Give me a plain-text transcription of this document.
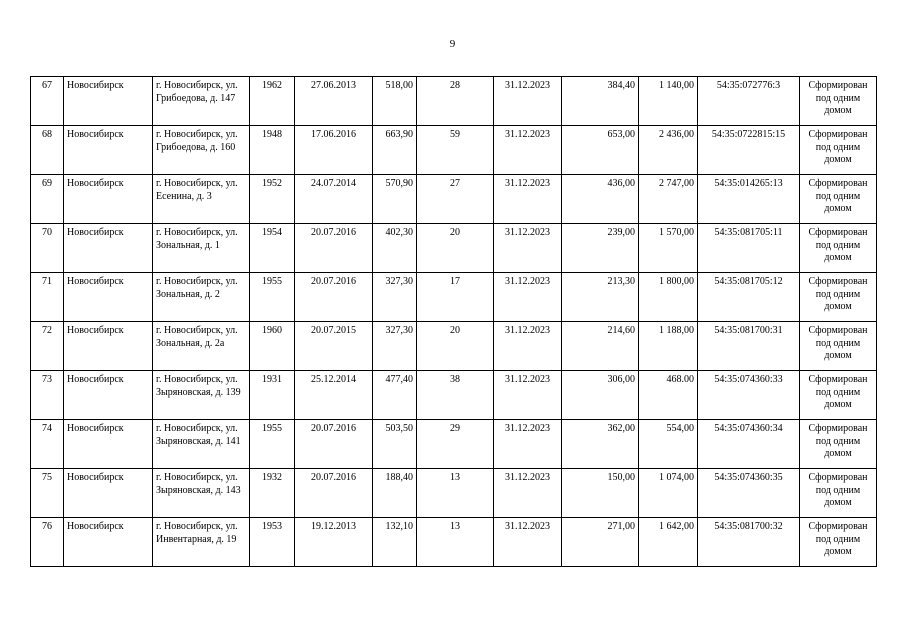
9
67	Новосибирск	г. Новосибирск, ул. Грибоедова, д. 147	1962	27.06.2013	518,00	28	31.12.2023	384,40	1 140,00	54:35:072776:3	Сформирован под одним домом
68	Новосибирск	г. Новосибирск, ул. Грибоедова, д. 160	1948	17.06.2016	663,90	59	31.12.2023	653,00	2 436,00	54:35:0722815:15	Сформирован под одним домом
69	Новосибирск	г. Новосибирск, ул. Есенина, д. 3	1952	24.07.2014	570,90	27	31.12.2023	436,00	2 747,00	54:35:014265:13	Сформирован под одним домом
70	Новосибирск	г. Новосибирск, ул. Зональная, д. 1	1954	20.07.2016	402,30	20	31.12.2023	239,00	1 570,00	54:35:081705:11	Сформирован под одним домом
71	Новосибирск	г. Новосибирск, ул. Зональная, д. 2	1955	20.07.2016	327,30	17	31.12.2023	213,30	1 800,00	54:35:081705:12	Сформирован под одним домом
72	Новосибирск	г. Новосибирск, ул. Зональная, д. 2а	1960	20.07.2015	327,30	20	31.12.2023	214,60	1 188,00	54:35:081700:31	Сформирован под одним домом
73	Новосибирск	г. Новосибирск, ул. Зыряновская, д. 139	1931	25.12.2014	477,40	38	31.12.2023	306,00	468.00	54:35:074360:33	Сформирован под одним домом
74	Новосибирск	г. Новосибирск, ул. Зыряновская, д. 141	1955	20.07.2016	503,50	29	31.12.2023	362,00	554,00	54:35:074360:34	Сформирован под одним домом
75	Новосибирск	г. Новосибирск, ул. Зыряновская, д. 143	1932	20.07.2016	188,40	13	31.12.2023	150,00	1 074,00	54:35:074360:35	Сформирован под одним домом
76	Новосибирск	г. Новосибирск, ул. Инвентарная, д. 19	1953	19.12.2013	132,10	13	31.12.2023	271,00	1 642,00	54:35:081700:32	Сформирован под одним домом
